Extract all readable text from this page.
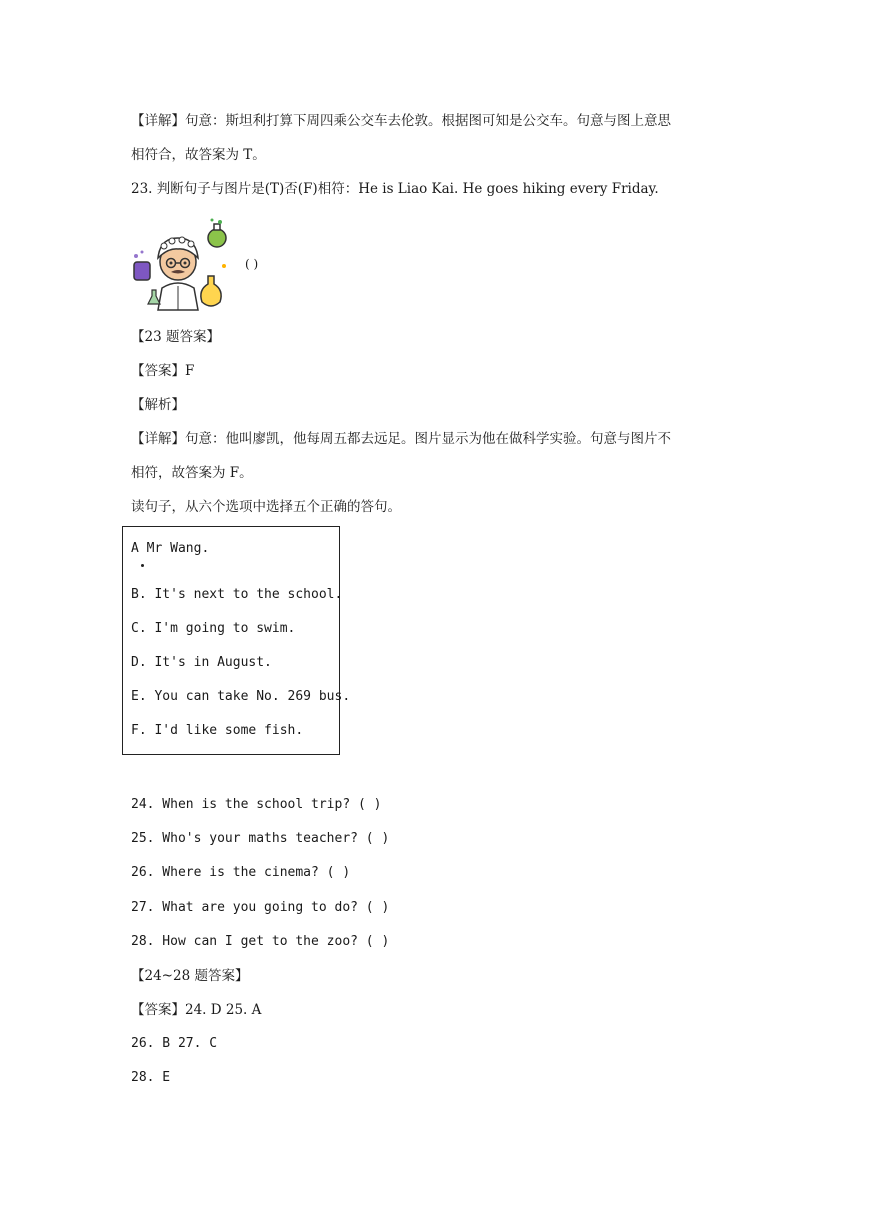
【详解】句意：斯坦利打算下周四乘公交车去伦敦。根据图可知是公交车。句意与图上意思
相符合，故答案为 T。
23. 判断句子与图片是(T)否(F)相符：He is Liao Kai. He goes hiking every Friday.
( )
【23 题答案】
【答案】F
【解析】
【详解】句意：他叫廖凯，他每周五都去远足。图片显示为他在做科学实验。句意与图片不
相符，故答案为 F。
读句子，从六个选项中选择五个正确的答句。
A Mr Wang.
B. It's next to the school.
C. I'm going to swim.
D. It's in August.
E. You can take No. 269 bus.
F. I'd like some fish.
24. When is the school trip? ( )
25. Who's your maths teacher? ( )
26. Where is the cinema? ( )
27. What are you going to do? ( )
28. How can I get to the zoo? ( )
【24~28 题答案】
【答案】24. D 25. A
26. B 27. C
28. E
